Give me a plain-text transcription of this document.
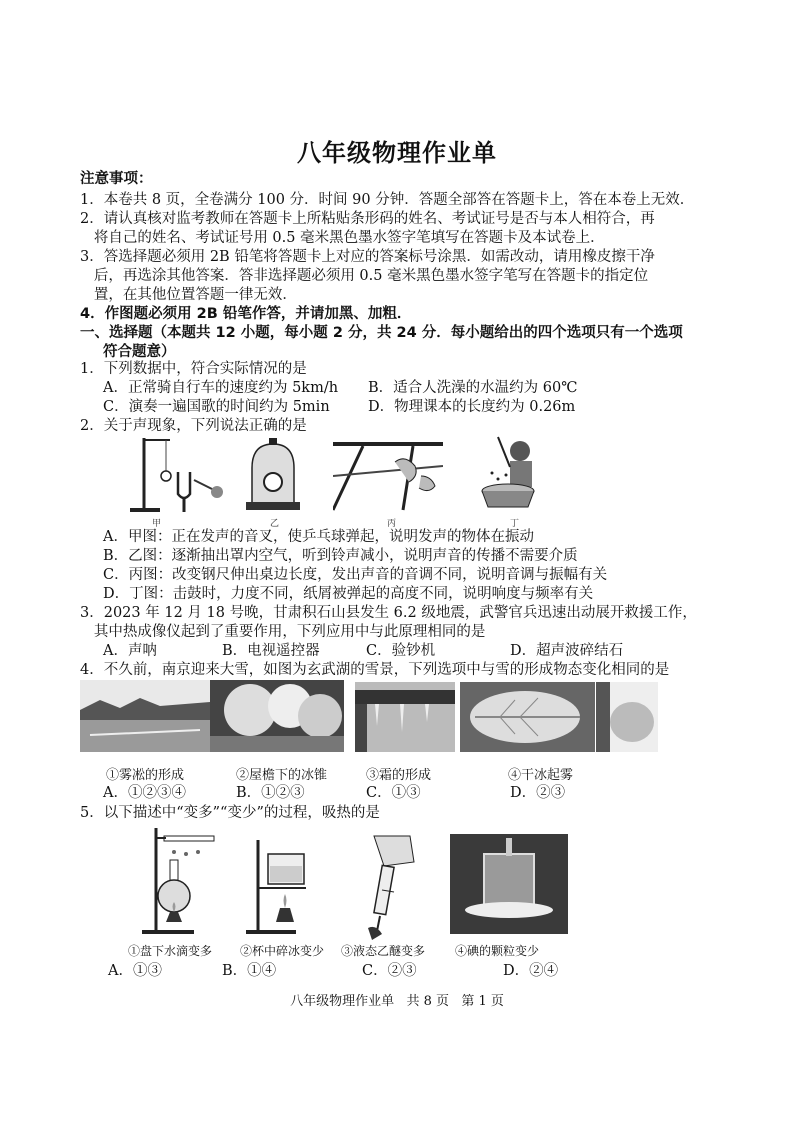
八年级物理作业单
注意事项：
1．本卷共 8 页，全卷满分 100 分．时间 90 分钟．答题全部答在答题卡上，答在本卷上无效．
2．请认真核对监考教师在答题卡上所粘贴条形码的姓名、考试证号是否与本人相符合，再
将自己的姓名、考试证号用 0.5 毫米黑色墨水签字笔填写在答题卡及本试卷上．
3．答选择题必须用 2B 铅笔将答题卡上对应的答案标号涂黑．如需改动，请用橡皮擦干净
后，再选涂其他答案．答非选择题必须用 0.5 毫米黑色墨水签字笔写在答题卡的指定位
置，在其他位置答题一律无效．
4．作图题必须用 2B 铅笔作答，并请加黑、加粗．
一、选择题（本题共 12 小题，每小题 2 分，共 24 分．每小题给出的四个选项只有一个选项
符合题意）
1．下列数据中，符合实际情况的是
A．正常骑自行车的速度约为 5km/h B．适合人洗澡的水温约为 60℃
C．演奏一遍国歌的时间约为 5min	D．物理课本的长度约为 0.26m
2．关于声现象，下列说法正确的是
甲	乙	丙	丁
A．甲图：正在发声的音叉，使乒乓球弹起，说明发声的物体在振动
B．乙图：逐渐抽出罩内空气，听到铃声减小，说明声音的传播不需要介质
C．丙图：改变钢尺伸出桌边长度，发出声音的音调不同，说明音调与振幅有关
D．丁图：击鼓时，力度不同，纸屑被弹起的高度不同，说明响度与频率有关
3．2023 年 12 月 18 号晚，甘肃积石山县发生 6.2 级地震，武警官兵迅速出动展开救援工作，
其中热成像仪起到了重要作用，下列应用中与此原理相同的是
A．声呐	B．电视遥控器	C．验钞机	D．超声波碎结石
4．不久前，南京迎来大雪，如图为玄武湖的雪景，下列选项中与雪的形成物态变化相同的是
①雾凇的形成	②屋檐下的冰锥	③霜的形成	④干冰起雾
A．①②③④	B．①②③	C．①③	D．②③
5．以下描述中“变多”“变少”的过程，吸热的是
①盘下水滴变多 ②杯中碎冰变少 ③液态乙醚变多 ④碘的颗粒变少
A．①③	B．①④	C．②③	D．②④
八年级物理作业单   共 8 页   第 1 页
